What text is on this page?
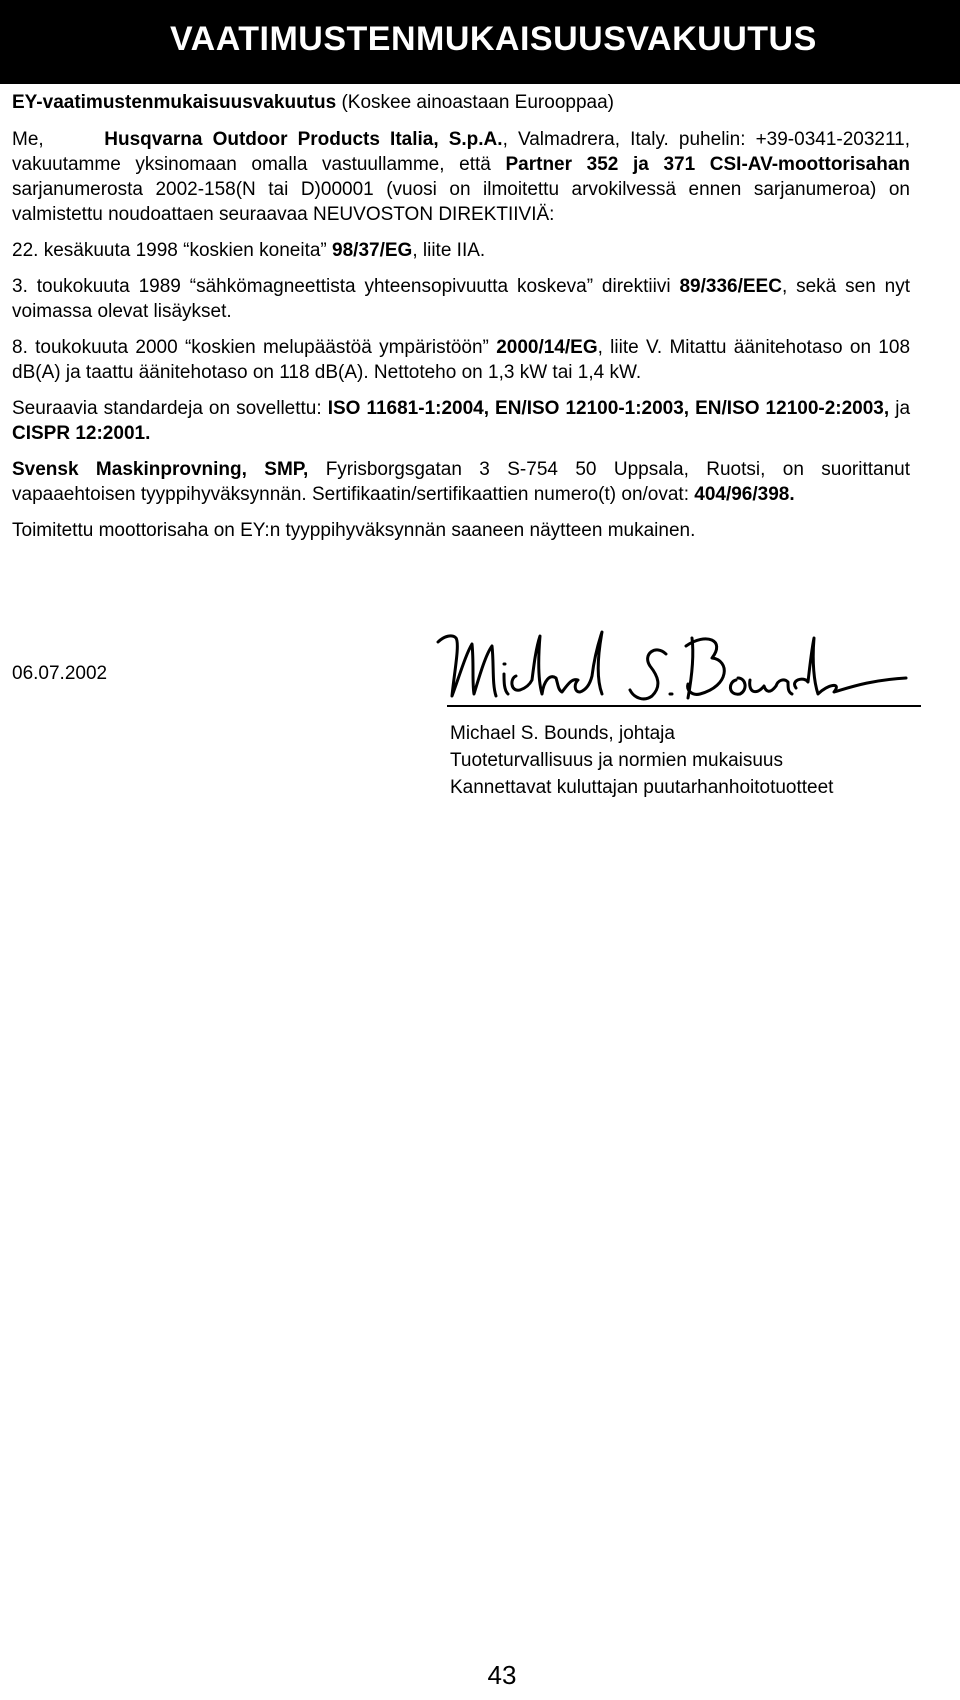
VAATIMUSTENMUKAISUUSVAKUUTUS

EY-vaatimustenmukaisuusvakuutus (Koskee ainoastaan Eurooppaa)

Me,	Husqvarna Outdoor Products Italia, S.p.A., Valmadrera, Italy. puhelin: +39-0341-203211, vakuutamme yksinomaan omalla vastuullamme, että Partner 352 ja 371 CSI-AV-moottorisahan sarjanumerosta 2002-158(N tai D)00001 (vuosi on ilmoitettu arvokilvessä ennen sarjanumeroa) on valmistettu noudoattaen seuraavaa NEUVOSTON DIREKTIIVIÄ:

22. kesäkuuta 1998 “koskien koneita” 98/37/EG, liite IIA.

3. toukokuuta 1989 “sähkömagneettista yhteensopivuutta koskeva” direktiivi 89/336/EEC, sekä sen nyt voimassa olevat lisäykset.

8. toukokuuta 2000 “koskien melupäästöä ympäristöön” 2000/14/EG, liite V. Mitattu äänitehotaso on 108 dB(A) ja taattu äänitehotaso on 118 dB(A). Nettoteho on 1,3 kW tai 1,4 kW.

Seuraavia standardeja on sovellettu: ISO 11681-1:2004, EN/ISO 12100-1:2003, EN/ISO 12100-2:2003, ja CISPR 12:2001.

Svensk Maskinprovning, SMP, Fyrisborgsgatan 3 S-754 50 Uppsala, Ruotsi, on suorittanut vapaaehtoisen tyyppihyväksynnän. Sertifikaatin/sertifikaattien numero(t) on/ovat: 404/96/398.

Toimitettu moottorisaha on EY:n tyyppihyväksynnän saaneen näytteen mukainen.

06.07.2002
Michael S. Bounds, johtaja
Tuoteturvallisuus ja normien mukaisuus
Kannettavat kuluttajan puutarhanhoitotuotteet
43
